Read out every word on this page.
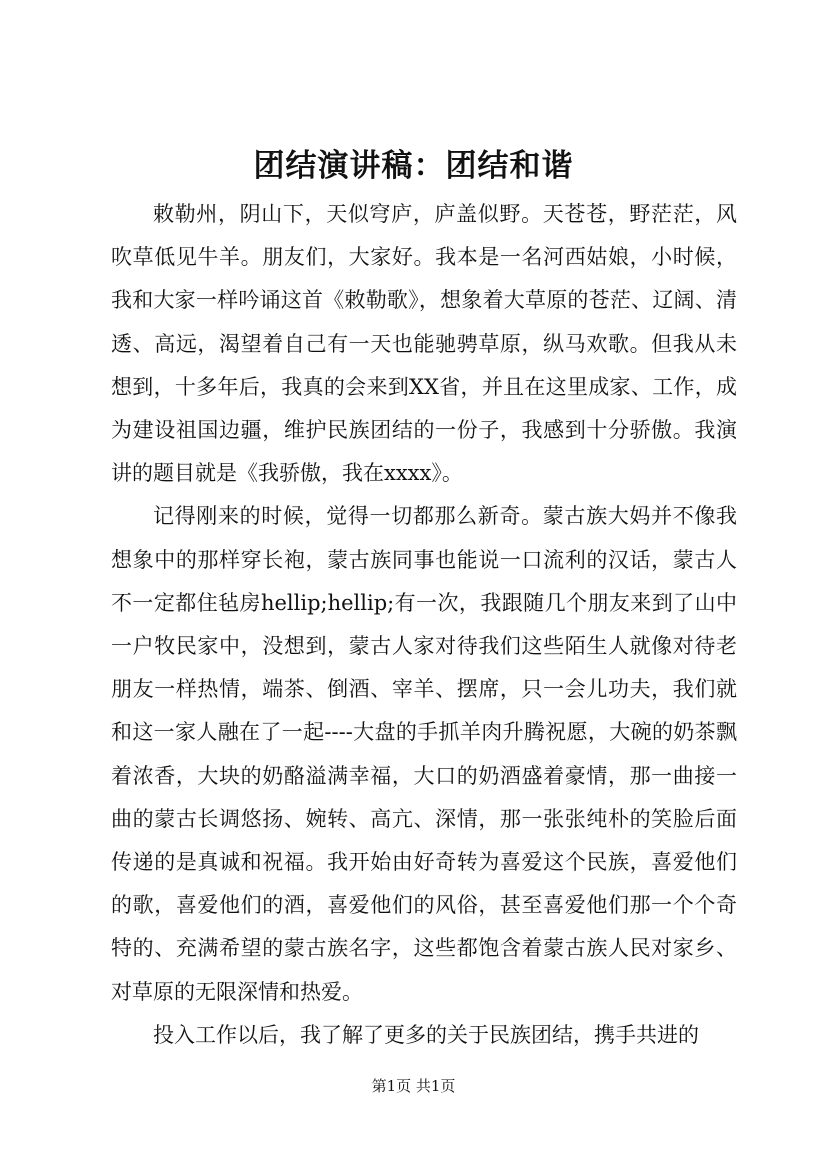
团结演讲稿：团结和谐

敕勒州，阴山下，天似穹庐，庐盖似野。天苍苍，野茫茫，风吹草低见牛羊。朋友们，大家好。我本是一名河西姑娘，小时候，我和大家一样吟诵这首《敕勒歌》，想象着大草原的苍茫、辽阔、清透、高远，渴望着自己有一天也能驰骋草原，纵马欢歌。但我从未想到，十多年后，我真的会来到XX省，并且在这里成家、工作，成为建设祖国边疆，维护民族团结的一份子，我感到十分骄傲。我演讲的题目就是《我骄傲，我在xxxx》。

记得刚来的时候，觉得一切都那么新奇。蒙古族大妈并不像我想象中的那样穿长袍，蒙古族同事也能说一口流利的汉话，蒙古人不一定都住毡房hellip;hellip;有一次，我跟随几个朋友来到了山中一户牧民家中，没想到，蒙古人家对待我们这些陌生人就像对待老朋友一样热情，端茶、倒酒、宰羊、摆席，只一会儿功夫，我们就和这一家人融在了一起----大盘的手抓羊肉升腾祝愿，大碗的奶茶飘着浓香，大块的奶酪溢满幸福，大口的奶酒盛着豪情，那一曲接一曲的蒙古长调悠扬、婉转、高亢、深情，那一张张纯朴的笑脸后面传递的是真诚和祝福。我开始由好奇转为喜爱这个民族，喜爱他们的歌，喜爱他们的酒，喜爱他们的风俗，甚至喜爱他们那一个个奇特的、充满希望的蒙古族名字，这些都饱含着蒙古族人民对家乡、对草原的无限深情和热爱。

投入工作以后，我了解了更多的关于民族团结，携手共进的

第1页 共1页
